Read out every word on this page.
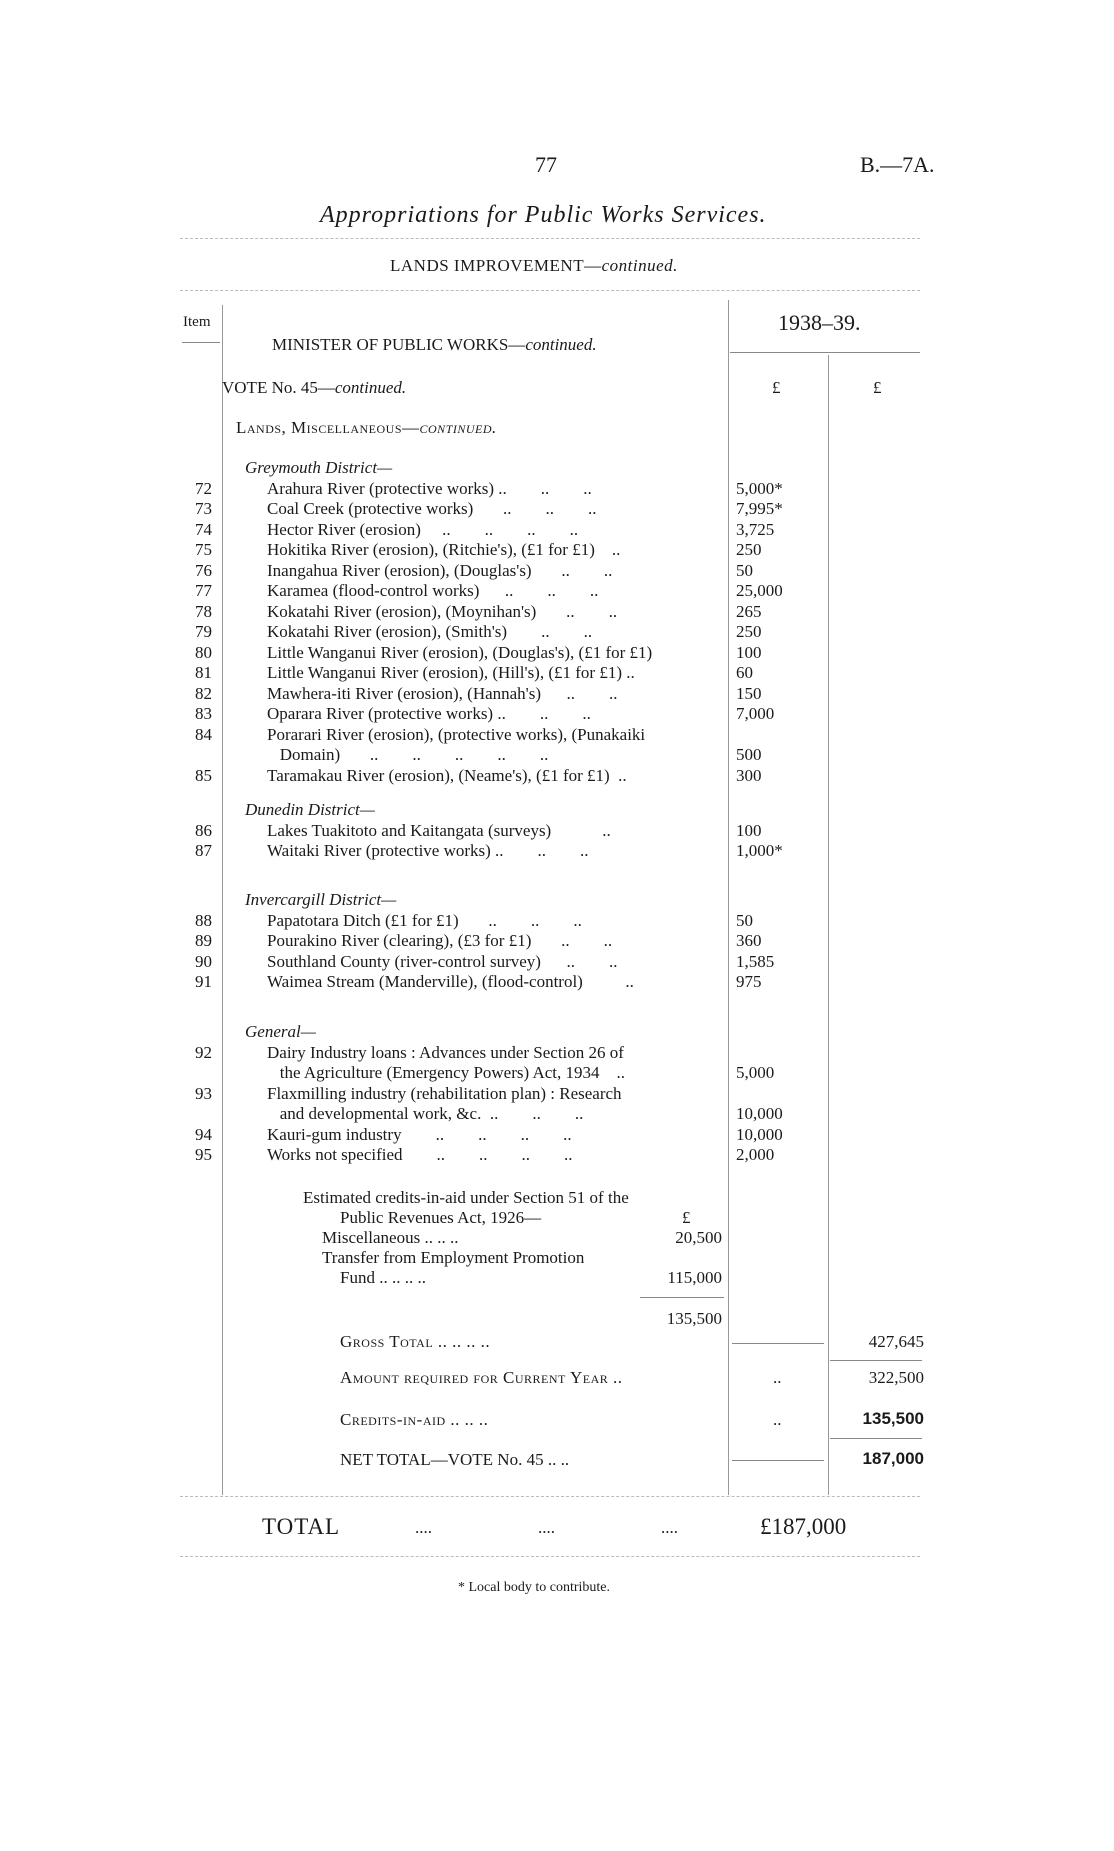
77	B.—7A.
Appropriations for Public Works Services.
LANDS IMPROVEMENT—continued.
Item
MINISTER OF PUBLIC WORKS—continued.
1938–39.
VOTE No. 45—continued.	£	£
Lands, Miscellaneous—continued.
Greymouth District—
72	Arahura River (protective works) ..        ..        ..	5,000*
73	Coal Creek (protective works)       ..        ..        ..	7,995*
74	Hector River (erosion)     ..        ..        ..        ..	3,725
75	Hokitika River (erosion), (Ritchie's), (£1 for £1)    ..	250
76	Inangahua River (erosion), (Douglas's)       ..        ..	50
77	Karamea (flood-control works)      ..        ..        ..	25,000
78	Kokatahi River (erosion), (Moynihan's)       ..        ..	265
79	Kokatahi River (erosion), (Smith's)        ..        ..	250
80	Little Wanganui River (erosion), (Douglas's), (£1 for £1)	100
81	Little Wanganui River (erosion), (Hill's), (£1 for £1) ..	60
82	Mawhera-iti River (erosion), (Hannah's)      ..        ..	150
83	Oparara River (protective works) ..        ..        ..	7,000
84	Porarari River (erosion), (protective works), (Punakaiki
Domain)       ..        ..        ..        ..        ..	500
85	Taramakau River (erosion), (Neame's), (£1 for £1)  ..	300
Dunedin District—
86	Lakes Tuakitoto and Kaitangata (surveys)            ..	100
87	Waitaki River (protective works) ..        ..        ..	1,000*
Invercargill District—
88	Papatotara Ditch (£1 for £1)       ..        ..        ..	50
89	Pourakino River (clearing), (£3 for £1)       ..        ..	360
90	Southland County (river-control survey)      ..        ..	1,585
91	Waimea Stream (Manderville), (flood-control)          ..	975
General—
92	Dairy Industry loans : Advances under Section 26 of
the Agriculture (Emergency Powers) Act, 1934    ..	5,000
93	Flaxmilling industry (rehabilitation plan) : Research
and developmental work, &c.  ..        ..        ..	10,000
94	Kauri-gum industry        ..        ..        ..        ..	10,000
95	Works not specified        ..        ..        ..        ..	2,000
Estimated credits-in-aid under Section 51 of the
Public Revenues Act, 1926—	£
Miscellaneous .. .. ..	20,500
Transfer from Employment Promotion
Fund .. .. .. ..	115,000
135,500
Gross Total .. .. .. ..	427,645
Amount required for Current Year ..	..	322,500
Credits-in-aid .. .. ..	..	135,500
NET TOTAL—VOTE No. 45 .. ..	187,000
TOTAL	....	....	....	£187,000
* Local body to contribute.
